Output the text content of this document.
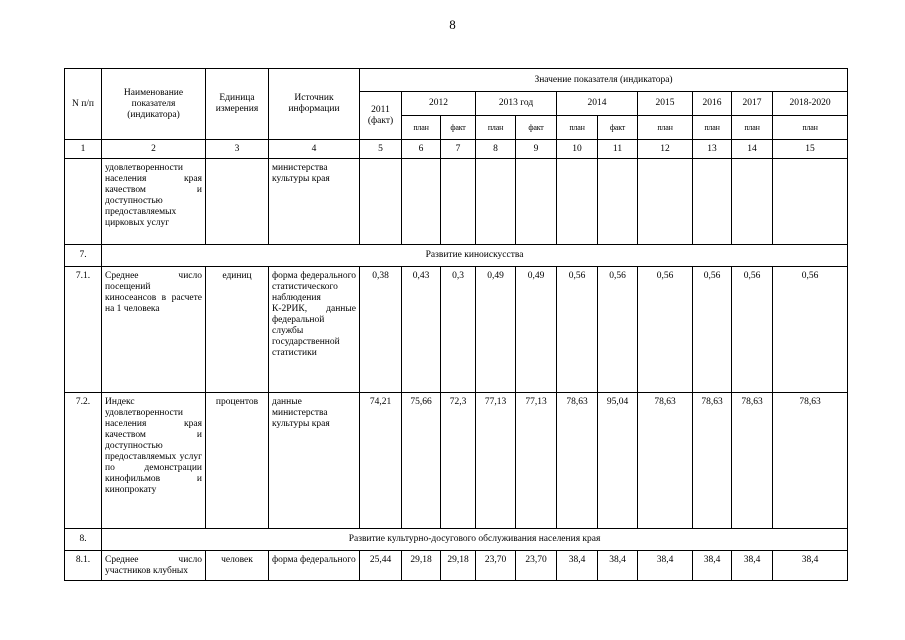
8
N п/п	Наименование показателя (индикатора)	Единица измерения	Источник информации	Значение показателя (индикатора)										
				2011 (факт)	2012		2013 год		2014		2015	2016	2017	2018-2020
					план	факт	план	факт	план	факт	план	план	план	план
1	2	3	4	5	6	7	8	9	10	11	12	13	14	15
	удовлетворенности населения края качеством и доступностью предоставляемых цирковых услуг		министерства культуры края											
7.	Развитие киноискусства													
7.1.	Среднее число посещений киносеансов в расчете на 1 человека	единиц	форма федерального статистического наблюдения К-2РИК, данные федеральной службы государственной статистики	0,38	0,43	0,3	0,49	0,49	0,56	0,56	0,56	0,56	0,56	0,56
7.2.	Индекс удовлетворенности населения края качеством и доступностью предоставляемых услуг по демонстрации кинофильмов и кинопрокату	процентов	данные министерства культуры края	74,21	75,66	72,3	77,13	77,13	78,63	95,04	78,63	78,63	78,63	78,63
8.	Развитие культурно-досугового обслуживания населения края													
8.1.	Среднее число участников клубных	человек	форма федерального	25,44	29,18	29,18	23,70	23,70	38,4	38,4	38,4	38,4	38,4	38,4
